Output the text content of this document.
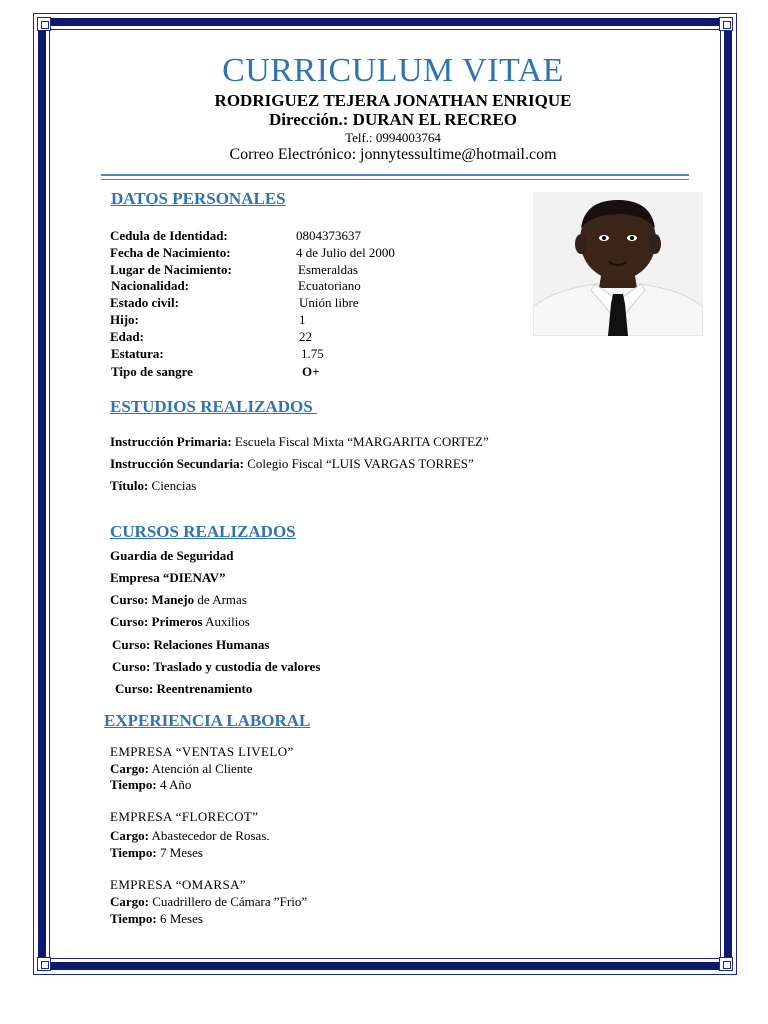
CURRICULUM VITAE
RODRIGUEZ TEJERA JONATHAN ENRIQUE
Dirección.: DURAN EL RECREO
Telf.: 0994003764
Correo Electrónico: jonnytessultime@hotmail.com
DATOS PERSONALES
Cedula de Identidad:	0804373637
Fecha de Nacimiento:	4 de Julio del 2000
Lugar de Nacimiento:	Esmeraldas
Nacionalidad:	Ecuatoriano
Estado civil:	Unión libre
Hijo:	1
Edad:	22
Estatura:	1.75
Tipo de sangre	O+
ESTUDIOS REALIZADOS
Instrucción Primaria: Escuela Fiscal Mixta “MARGARITA CORTEZ”
Instrucción Secundaria: Colegio Fiscal “LUIS VARGAS TORRES”
Título: Ciencias
CURSOS REALIZADOS
Guardia de Seguridad
Empresa “DIENAV”
Curso: Manejo de Armas
Curso: Primeros Auxilios
Curso: Relaciones Humanas
Curso: Traslado y custodia de valores
Curso: Reentrenamiento
EXPERIENCIA LABORAL
EMPRESA “VENTAS LIVELO”
Cargo: Atención al Cliente
Tiempo: 4 Año
EMPRESA “FLORECOT”
Cargo: Abastecedor de Rosas.
Tiempo: 7 Meses
EMPRESA “OMARSA”
Cargo: Cuadrillero de Cámara ”Frio”
Tiempo: 6 Meses
